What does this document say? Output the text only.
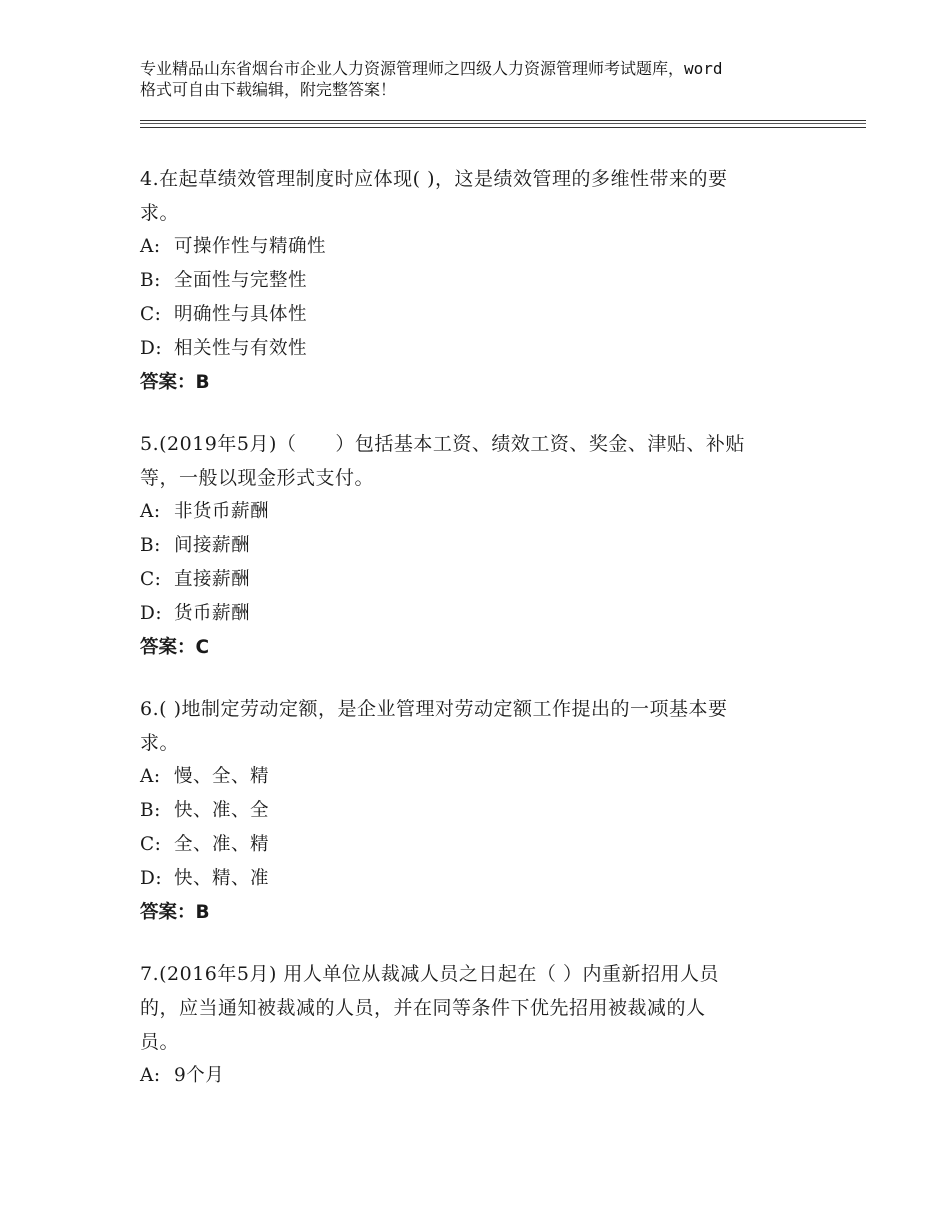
专业精品山东省烟台市企业人力资源管理师之四级人力资源管理师考试题库，word
格式可自由下载编辑，附完整答案！

4.在起草绩效管理制度时应体现( )，这是绩效管理的多维性带来的要

求。

A: 可操作性与精确性

B: 全面性与完整性

C: 明确性与具体性

D: 相关性与有效性

答案：B

5.(2019年5月)（　　）包括基本工资、绩效工资、奖金、津贴、补贴

等，一般以现金形式支付。

A: 非货币薪酬

B: 间接薪酬

C: 直接薪酬

D: 货币薪酬

答案：C

6.( )地制定劳动定额，是企业管理对劳动定额工作提出的一项基本要

求。

A: 慢、全、精

B: 快、准、全

C: 全、准、精

D: 快、精、准

答案：B

7.(2016年5月) 用人单位从裁减人员之日起在（ ）内重新招用人员

的，应当通知被裁减的人员，并在同等条件下优先招用被裁减的人

员。

A: 9个月
